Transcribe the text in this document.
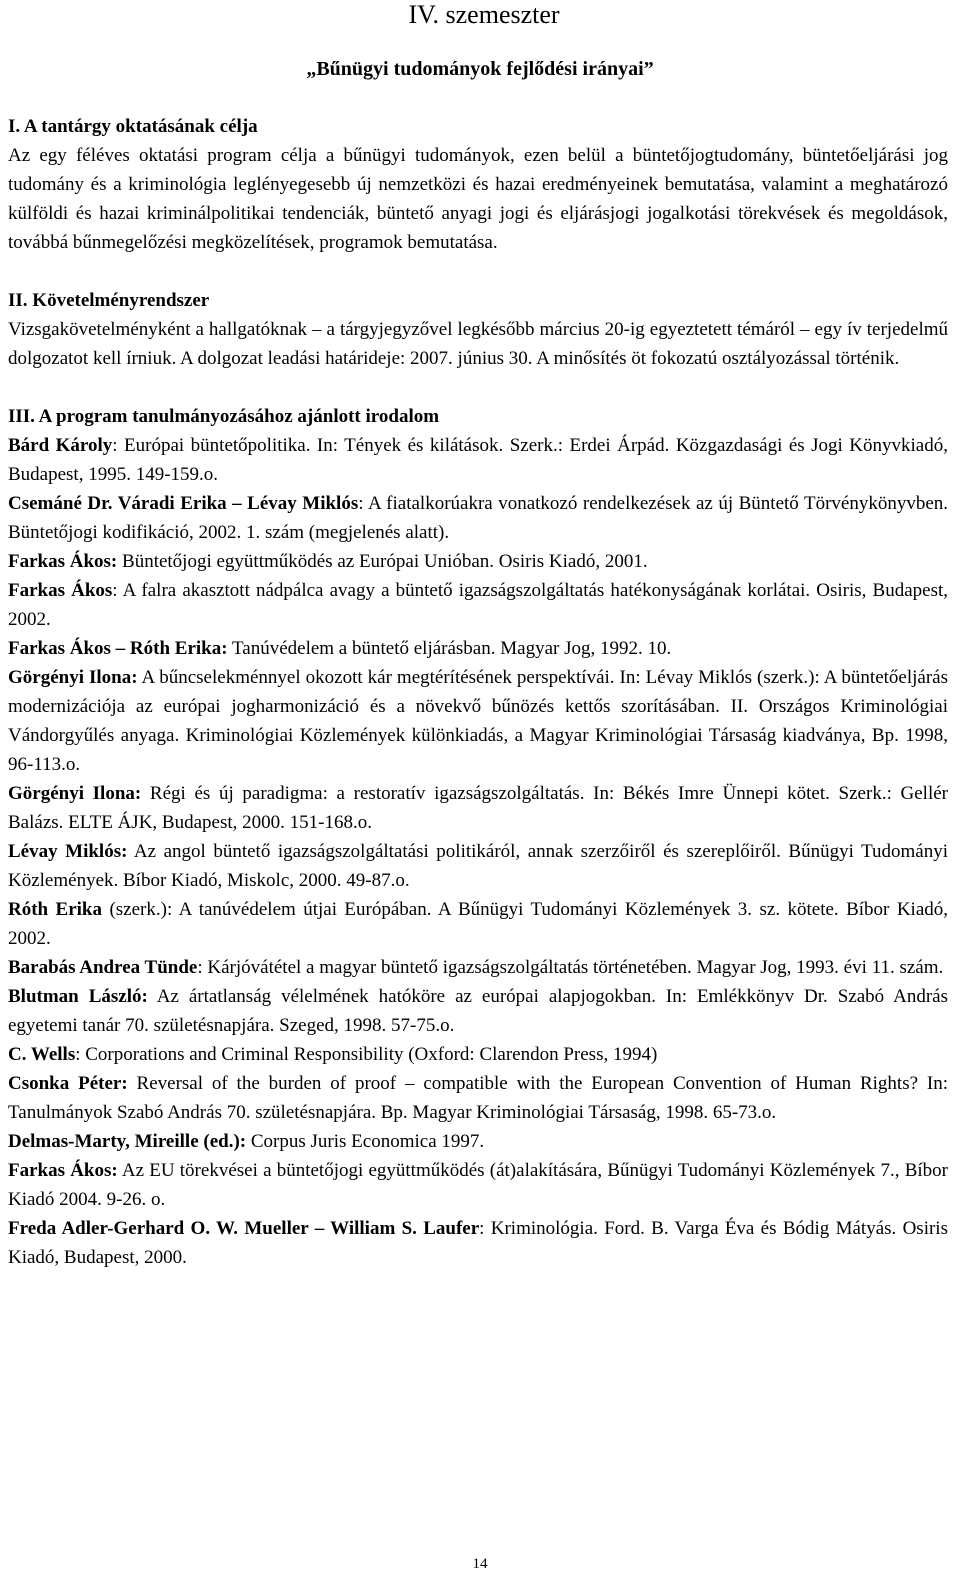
IV. szemeszter
„Bűnügyi tudományok fejlődési irányai”

I. A tantárgy oktatásának célja

Az egy féléves oktatási program célja a bűnügyi tudományok, ezen belül a büntetőjogtudomány, büntetőeljárási jog tudomány és a kriminológia leglényegesebb új nemzetközi és hazai eredményeinek bemutatása, valamint a meghatározó külföldi és hazai kriminálpolitikai tendenciák, büntető anyagi jogi és eljárásjogi jogalkotási törekvések és megoldások, továbbá bűnmegelőzési megközelítések, programok bemutatása.

II. Követelményrendszer

Vizsgakövetelményként a hallgatóknak – a tárgyjegyzővel legkésőbb március 20-ig egyeztetett témáról – egy ív terjedelmű dolgozatot kell írniuk. A dolgozat leadási határideje: 2007. június 30. A minősítés öt fokozatú osztályozással történik.

III. A program tanulmányozásához ajánlott irodalom

Bárd Károly: Európai büntetőpolitika. In: Tények és kilátások. Szerk.: Erdei Árpád. Közgazdasági és Jogi Könyvkiadó, Budapest, 1995. 149-159.o.

Csemáné Dr. Váradi Erika – Lévay Miklós: A fiatalkorúakra vonatkozó rendelkezések az új Büntető Törvénykönyvben. Büntetőjogi kodifikáció, 2002. 1. szám (megjelenés alatt).

Farkas Ákos: Büntetőjogi együttműködés az Európai Unióban. Osiris Kiadó, 2001.

Farkas Ákos: A falra akasztott nádpálca avagy a büntető igazságszolgáltatás hatékonyságának korlátai. Osiris, Budapest, 2002.

Farkas Ákos – Róth Erika: Tanúvédelem a büntető eljárásban. Magyar Jog, 1992. 10.

Görgényi Ilona: A bűncselekménnyel okozott kár megtérítésének perspektívái. In: Lévay Miklós (szerk.): A büntetőeljárás modernizációja az európai jogharmonizáció és a növekvő bűnözés kettős szorításában. II. Országos Kriminológiai Vándorgyűlés anyaga. Kriminológiai Közlemények különkiadás, a Magyar Kriminológiai Társaság kiadványa, Bp. 1998, 96-113.o.

Görgényi Ilona: Régi és új paradigma: a restoratív igazságszolgáltatás. In: Békés Imre Ünnepi kötet. Szerk.: Gellér Balázs. ELTE ÁJK, Budapest, 2000. 151-168.o.

Lévay Miklós: Az angol büntető igazságszolgáltatási politikáról, annak szerzőiről és szereplőiről. Bűnügyi Tudományi Közlemények. Bíbor Kiadó, Miskolc, 2000. 49-87.o.

Róth Erika (szerk.): A tanúvédelem útjai Európában. A Bűnügyi Tudományi Közlemények 3. sz. kötete. Bíbor Kiadó, 2002.

Barabás Andrea Tünde: Kárjóvátétel a magyar büntető igazságszolgáltatás történetében. Magyar Jog, 1993. évi 11. szám.

Blutman László: Az ártatlanság vélelmének hatóköre az európai alapjogokban. In: Emlékkönyv Dr. Szabó András egyetemi tanár 70. születésnapjára. Szeged, 1998. 57-75.o.

C. Wells: Corporations and Criminal Responsibility (Oxford: Clarendon Press, 1994)

Csonka Péter: Reversal of the burden of proof – compatible with the European Convention of Human Rights? In: Tanulmányok Szabó András 70. születésnapjára. Bp. Magyar Kriminológiai Társaság, 1998. 65-73.o.

Delmas-Marty, Mireille (ed.): Corpus Juris Economica 1997.

Farkas Ákos: Az EU törekvései a büntetőjogi együttműködés (át)alakítására, Bűnügyi Tudományi Közlemények 7., Bíbor Kiadó 2004. 9-26. o.

Freda Adler-Gerhard O. W. Mueller – William S. Laufer: Kriminológia. Ford. B. Varga Éva és Bódig Mátyás. Osiris Kiadó, Budapest, 2000.

14
